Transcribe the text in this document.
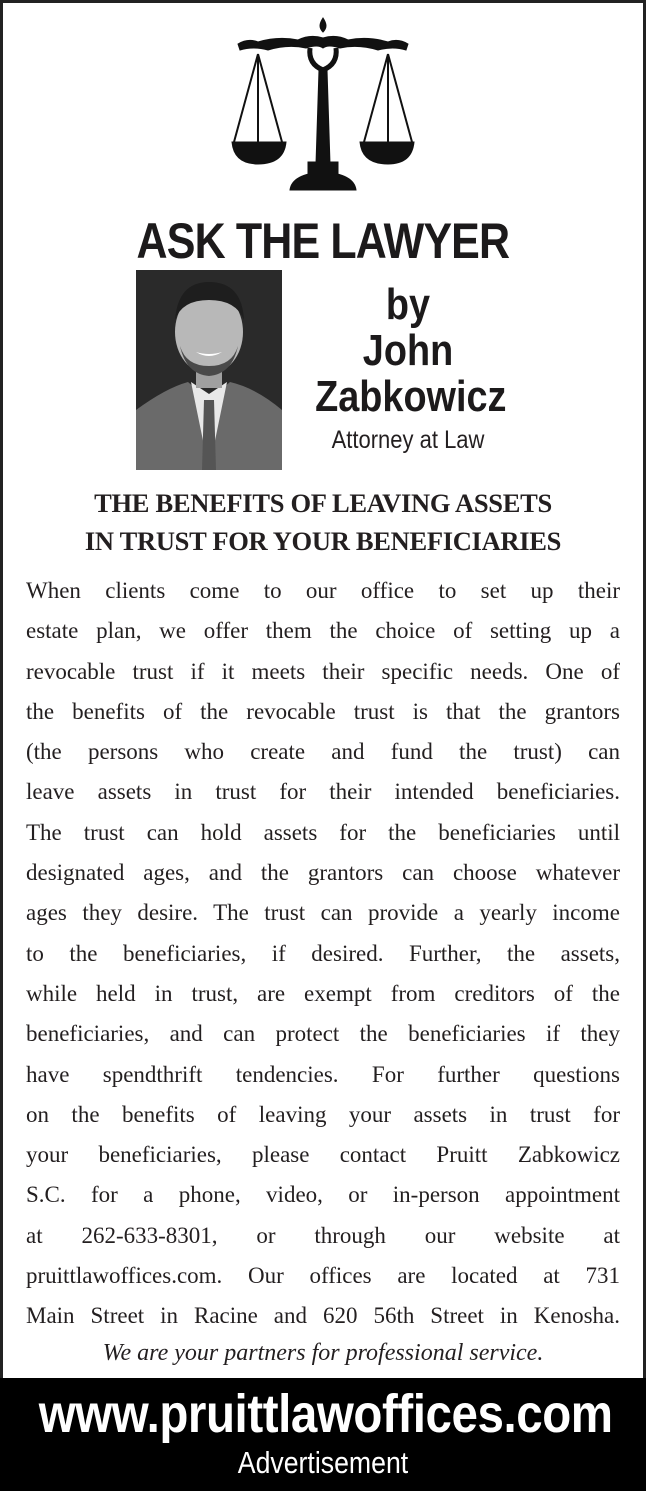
ASK THE LAWYER
by
John
Zabkowicz
Attorney at Law
THE BENEFITS OF LEAVING ASSETS
IN TRUST FOR YOUR BENEFICIARIES
When clients come to our office to set up their
estate plan, we offer them the choice of setting up a
revocable trust if it meets their specific needs. One of
the benefits of the revocable trust is that the grantors
(the persons who create and fund the trust) can
leave assets in trust for their intended beneficiaries.
The trust can hold assets for the beneficiaries until
designated ages, and the grantors can choose whatever
ages they desire. The trust can provide a yearly income
to the beneficiaries, if desired. Further, the assets,
while held in trust, are exempt from creditors of the
beneficiaries, and can protect the beneficiaries if they
have spendthrift tendencies. For further questions
on the benefits of leaving your assets in trust for
your beneficiaries, please contact Pruitt Zabkowicz
S.C. for a phone, video, or in-person appointment
at 262-633-8301, or through our website at
pruittlawoffices.com. Our offices are located at 731
Main Street in Racine and 620 56th Street in Kenosha.
We are your partners for professional service.
www.pruittlawoffices.com
Advertisement
